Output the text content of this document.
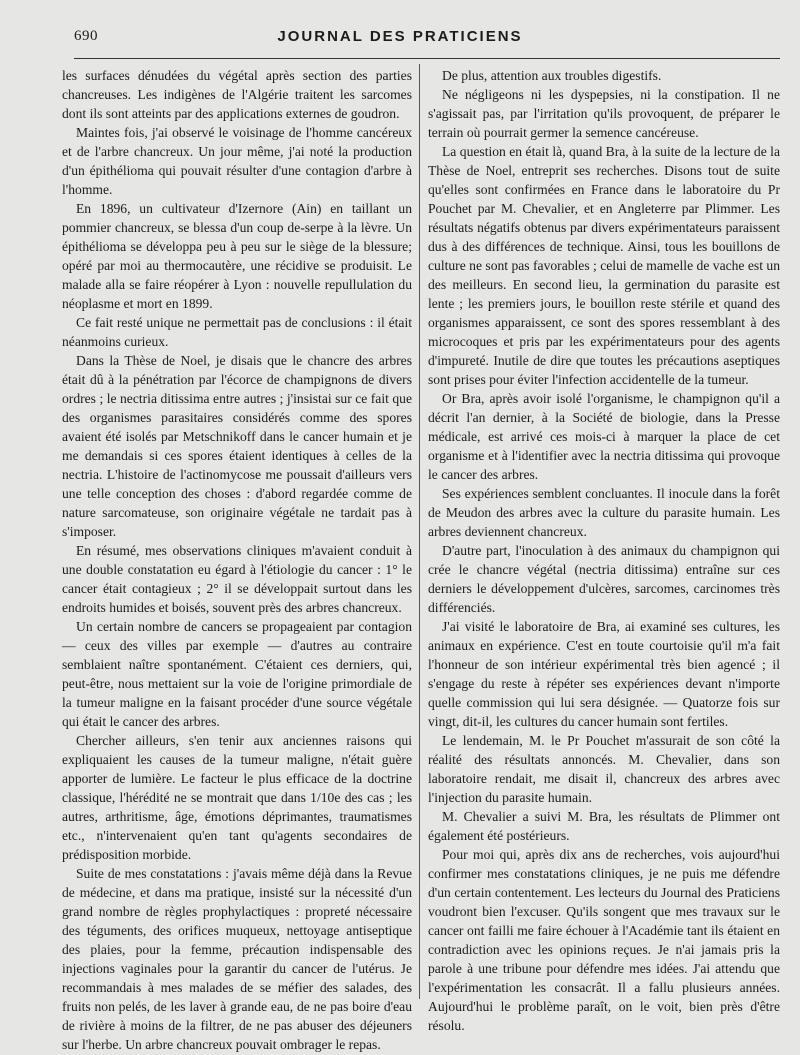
690	JOURNAL DES PRATICIENS

les surfaces dénudées du végétal après section des parties chancreuses. Les indigènes de l'Algérie traitent les sarcomes dont ils sont atteints par des applications externes de goudron.

Maintes fois, j'ai observé le voisinage de l'homme cancéreux et de l'arbre chancreux. Un jour même, j'ai noté la production d'un épithélioma qui pouvait résulter d'une contagion d'arbre à l'homme.

En 1896, un cultivateur d'Izernore (Ain) en taillant un pommier chancreux, se blessa d'un coup de-serpe à la lèvre. Un épithélioma se développa peu à peu sur le siège de la blessure; opéré par moi au thermocautère, une récidive se produisit. Le malade alla se faire réopérer à Lyon : nouvelle repullulation du néoplasme et mort en 1899.

Ce fait resté unique ne permettait pas de conclusions : il était néanmoins curieux.

Dans la Thèse de Noel, je disais que le chancre des arbres était dû à la pénétration par l'écorce de champignons de divers ordres ; le nectria ditissima entre autres ; j'insistai sur ce fait que des organismes parasitaires considérés comme des spores avaient été isolés par Metschnikoff dans le cancer humain et je me demandais si ces spores étaient identiques à celles de la nectria. L'histoire de l'actinomycose me poussait d'ailleurs vers une telle conception des choses : d'abord regardée comme de nature sarcomateuse, son originaire végétale ne tardait pas à s'imposer.

En résumé, mes observations cliniques m'avaient conduit à une double constatation eu égard à l'étiologie du cancer : 1° le cancer était contagieux ; 2° il se développait surtout dans les endroits humides et boisés, souvent près des arbres chancreux.

Un certain nombre de cancers se propageaient par contagion — ceux des villes par exemple — d'autres au contraire semblaient naître spontanément. C'étaient ces derniers, qui, peut-être, nous mettaient sur la voie de l'origine primordiale de la tumeur maligne en la faisant procéder d'une source végétale qui était le cancer des arbres.

Chercher ailleurs, s'en tenir aux anciennes raisons qui expliquaient les causes de la tumeur maligne, n'était guère apporter de lumière. Le facteur le plus efficace de la doctrine classique, l'hérédité ne se montrait que dans 1/10e des cas ; les autres, arthritisme, âge, émotions déprimantes, traumatismes etc., n'intervenaient qu'en tant qu'agents secondaires de prédisposition morbide.

Suite de mes constatations : j'avais même déjà dans la Revue de médecine, et dans ma pratique, insisté sur la nécessité d'un grand nombre de règles prophylactiques : propreté nécessaire des téguments, des orifices muqueux, nettoyage antiseptique des plaies, pour la femme, précaution indispensable des injections vaginales pour la garantir du cancer de l'utérus. Je recommandais à mes malades de se méfier des salades, des fruits non pelés, de les laver à grande eau, de ne pas boire d'eau de rivière à moins de la filtrer, de ne pas abuser des déjeuners sur l'herbe. Un arbre chancreux pouvait ombrager le repas.

De plus, attention aux troubles digestifs.

Ne négligeons ni les dyspepsies, ni la constipation. Il ne s'agissait pas, par l'irritation qu'ils provoquent, de préparer le terrain où pourrait germer la semence cancéreuse.

La question en était là, quand Bra, à la suite de la lecture de la Thèse de Noel, entreprit ses recherches. Disons tout de suite qu'elles sont confirmées en France dans le laboratoire du Pr Pouchet par M. Chevalier, et en Angleterre par Plimmer. Les résultats négatifs obtenus par divers expérimentateurs paraissent dus à des différences de technique. Ainsi, tous les bouillons de culture ne sont pas favorables ; celui de mamelle de vache est un des meilleurs. En second lieu, la germination du parasite est lente ; les premiers jours, le bouillon reste stérile et quand des organismes apparaissent, ce sont des spores ressemblant à des microcoques et pris par les expérimentateurs pour des agents d'impureté. Inutile de dire que toutes les précautions aseptiques sont prises pour éviter l'infection accidentelle de la tumeur.

Or Bra, après avoir isolé l'organisme, le champignon qu'il a décrit l'an dernier, à la Société de biologie, dans la Presse médicale, est arrivé ces mois-ci à marquer la place de cet organisme et à l'identifier avec la nectria ditissima qui provoque le cancer des arbres.

Ses expériences semblent concluantes. Il inocule dans la forêt de Meudon des arbres avec la culture du parasite humain. Les arbres deviennent chancreux.

D'autre part, l'inoculation à des animaux du champignon qui crée le chancre végétal (nectria ditissima) entraîne sur ces derniers le développement d'ulcères, sarcomes, carcinomes très différenciés.

J'ai visité le laboratoire de Bra, ai examiné ses cultures, les animaux en expérience. C'est en toute courtoisie qu'il m'a fait l'honneur de son intérieur expérimental très bien agencé ; il s'engage du reste à répéter ses expériences devant n'importe quelle commission qui lui sera désignée. — Quatorze fois sur vingt, dit-il, les cultures du cancer humain sont fertiles.

Le lendemain, M. le Pr Pouchet m'assurait de son côté la réalité des résultats annoncés. M. Chevalier, dans son laboratoire rendait, me disait il, chancreux des arbres avec l'injection du parasite humain.

M. Chevalier a suivi M. Bra, les résultats de Plimmer ont également été postérieurs.

Pour moi qui, après dix ans de recherches, vois aujourd'hui confirmer mes constatations cliniques, je ne puis me défendre d'un certain contentement. Les lecteurs du Journal des Praticiens voudront bien l'excuser. Qu'ils songent que mes travaux sur le cancer ont failli me faire échouer à l'Académie tant ils étaient en contradiction avec les opinions reçues. Je n'ai jamais pris la parole à une tribune pour défendre mes idées. J'ai attendu que l'expérimentation les consacrât. Il a fallu plusieurs années. Aujourd'hui le problème paraît, on le voit, bien près d'être résolu.
